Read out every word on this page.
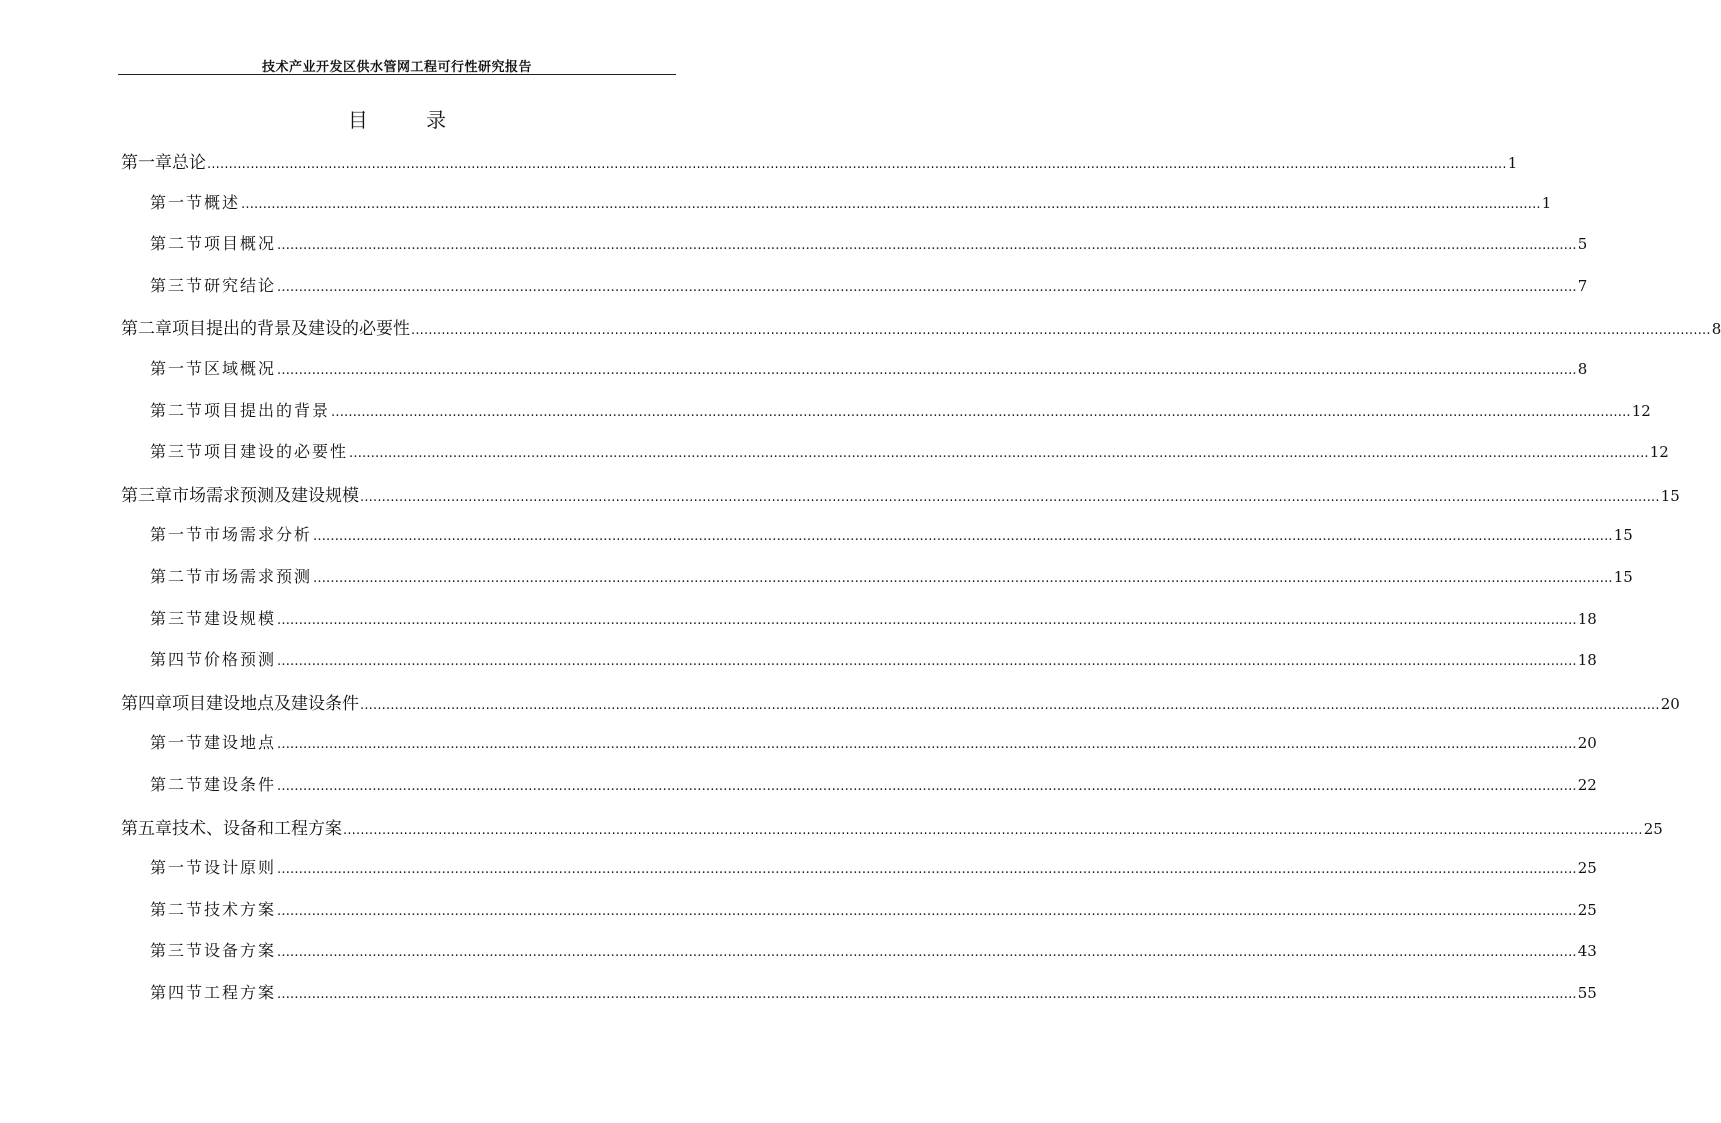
技术产业开发区供水管网工程可行性研究报告
目 录
第一章 总论 ............................................................................................................................................................................................................................................................................................................ 1
第一节 概述 ............................................................................................................................................................................................................................................................................................................ 1
第二节 项目概况 ............................................................................................................................................................................................................................................................................................................ 5
第三节 研究结论 ............................................................................................................................................................................................................................................................................................................ 7
第二章 项目提出的背景及建设的必要性 ............................................................................................................................................................................................................................................................................................................ 8
第一节 区域概况 ............................................................................................................................................................................................................................................................................................................ 8
第二节 项目提出的背景 ............................................................................................................................................................................................................................................................................................................ 12
第三节 项目建设的必要性 ............................................................................................................................................................................................................................................................................................................ 12
第三章 市场需求预测及建设规模 ............................................................................................................................................................................................................................................................................................................ 15
第一节 市场需求分析 ............................................................................................................................................................................................................................................................................................................ 15
第二节 市场需求预测 ............................................................................................................................................................................................................................................................................................................ 15
第三节 建设规模 ............................................................................................................................................................................................................................................................................................................ 18
第四节 价格预测 ............................................................................................................................................................................................................................................................................................................ 18
第四章 项目建设地点及建设条件 ............................................................................................................................................................................................................................................................................................................ 20
第一节 建设地点 ............................................................................................................................................................................................................................................................................................................ 20
第二节 建设条件 ............................................................................................................................................................................................................................................................................................................ 22
第五章 技术、设备和工程方案 ............................................................................................................................................................................................................................................................................................................ 25
第一节 设计原则 ............................................................................................................................................................................................................................................................................................................ 25
第二节 技术方案 ............................................................................................................................................................................................................................................................................................................ 25
第三节 设备方案 ............................................................................................................................................................................................................................................................................................................ 43
第四节 工程方案 ............................................................................................................................................................................................................................................................................................................ 55
